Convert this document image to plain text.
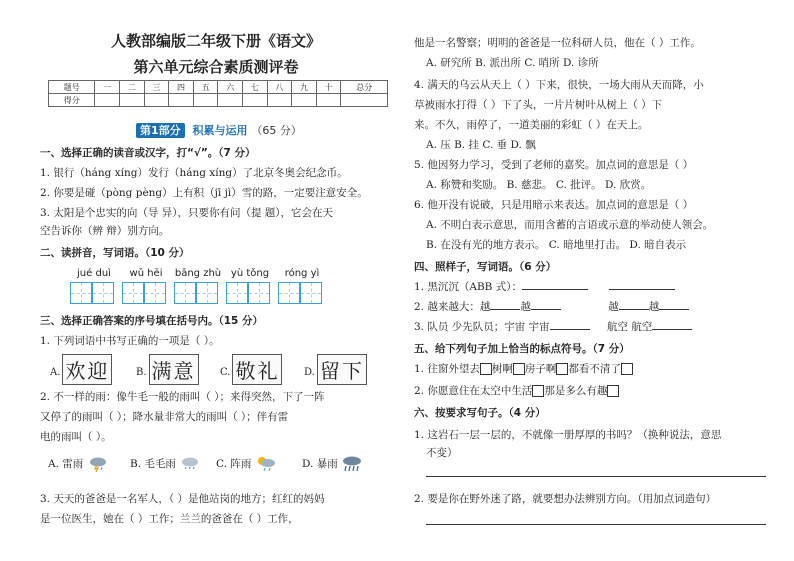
人教部编版二年级下册《语文》
第六单元综合素质测评卷
题号	一	二	三	四	五	六	七	八	九	十	总分
得分											
第1部分 积累与运用 （65 分）
一、选择正确的读音或汉字，打“√”。（7 分）
1. 银行（háng xíng）发行（háng xíng）了北京冬奥会纪念币。
2. 你要是碰（pòng pèng）上有积（jī jì）雪的路，一定要注意安全。
3. 太阳是个忠实的向（导 异），只要你有问（提 题），它会在天
空告诉你（辨 辩）别方向。
二、读拼音，写词语。（10 分）
jué duì wǔ hēi bāng zhù yù tǒng róng yì
三、选择正确答案的序号填在括号内。（15 分）
1. 下列词语中书写正确的一项是（ ）。
A. 欢迎	B. 满意	C. 敬礼	D. 留下
2. 不一样的雨：像牛毛一般的雨叫（ ）；来得突然，下了一阵
又停了的雨叫（ ）；降水量非常大的雨叫（ ）；伴有雷
电的雨叫（ ）。
A. 雷雨	B. 毛毛雨	C. 阵雨	D. 暴雨
3. 天天的爸爸是一名军人，（ ）是他站岗的地方；红红的妈妈
是一位医生，她在（ ）工作；兰兰的爸爸在（ ）工作，
他是一名警察；明明的爸爸是一位科研人员，他在（ ）工作。
A. 研究所 B. 派出所 C. 哨所 D. 诊所
4. 满天的乌云从天上（ ）下来，很快，一场大雨从天而降，小
草被雨水打得（ ）下了头，一片片树叶从树上（ ）下
来。不久，雨停了，一道美丽的彩虹（ ）在天上。
A. 压 B. 挂 C. 垂 D. 飘
5. 他因努力学习，受到了老师的嘉奖。加点词的意思是（ ）
A. 称赞和奖励。 B. 慈悲。 C. 批评。 D. 欣赏。
6. 他开没有说破，只是用暗示来表达。加点词的意思是（ ）
A. 不明白表示意思，而用含蓄的言语或示意的举动使人领会。
B. 在没有光的地方表示。 C. 暗地里打击。 D. 暗自表示
四、照样子，写词语。（6 分）
1. 黑沉沉（ABB 式）：
2. 越来越大：越	越	越	越
3. 队员 少先队员；宇宙 宇宙	航空 航空
五、给下列句子加上恰当的标点符号。（7 分）
1. 往窗外望去 树啊 房子啊 都看不清了
2. 你愿意住在太空中生活 那是多么有趣
六、按要求写句子。（4 分）
1. 这岩石一层一层的，不就像一册厚厚的书吗？（换种说法，意思
不变）
2. 要是你在野外迷了路，就要想办法辨别方向。（用加点词造句）
